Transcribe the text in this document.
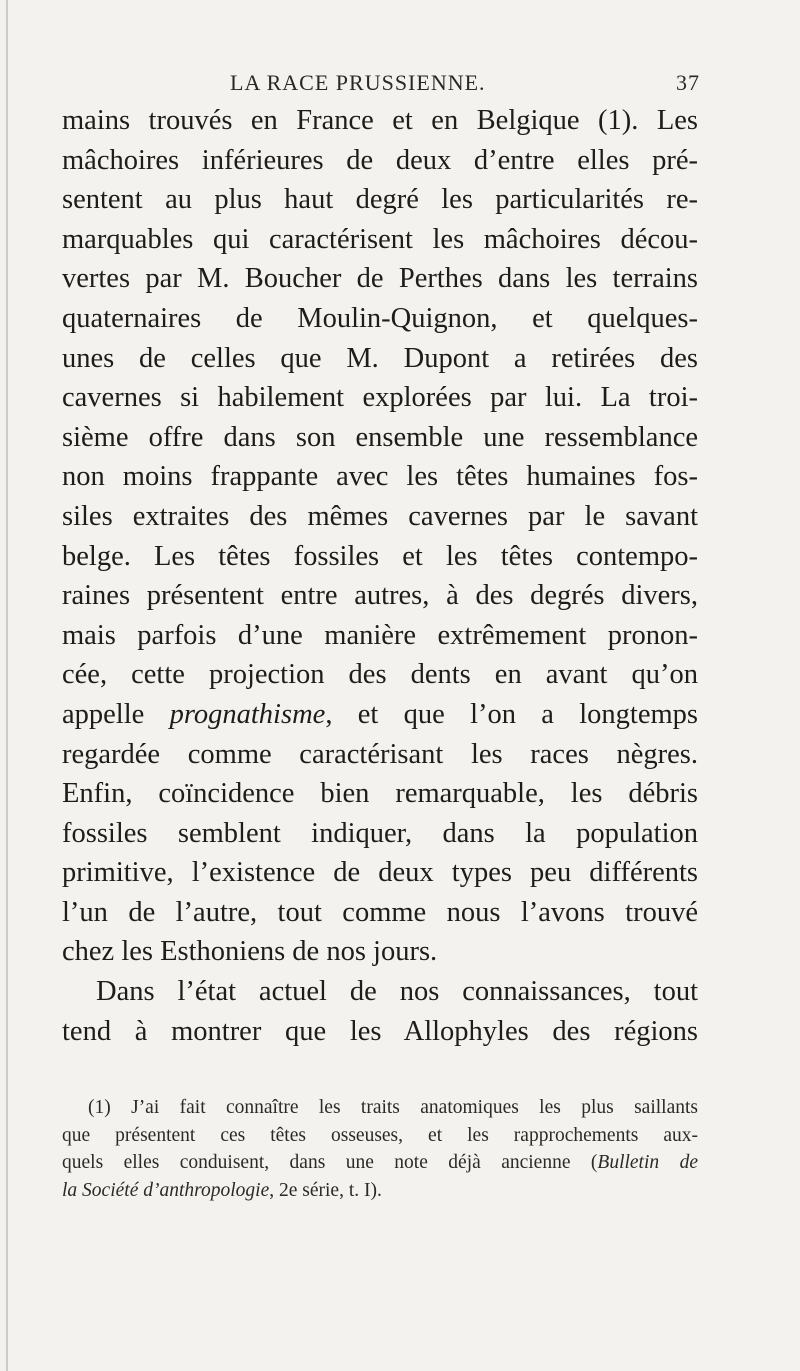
LA RACE PRUSSIENNE.	37
mains trouvés en France et en Belgique (1). Les
mâchoires inférieures de deux d’entre elles pré-
sentent au plus haut degré les particularités re-
marquables qui caractérisent les mâchoires décou-
vertes par M. Boucher de Perthes dans les terrains
quaternaires de Moulin-Quignon, et quelques-
unes de celles que M. Dupont a retirées des
cavernes si habilement explorées par lui. La troi-
sième offre dans son ensemble une ressemblance
non moins frappante avec les têtes humaines fos-
siles extraites des mêmes cavernes par le savant
belge. Les têtes fossiles et les têtes contempo-
raines présentent entre autres, à des degrés divers,
mais parfois d’une manière extrêmement pronon-
cée, cette projection des dents en avant qu’on
appelle prognathisme, et que l’on a longtemps
regardée comme caractérisant les races nègres.
Enfin, coïncidence bien remarquable, les débris
fossiles semblent indiquer, dans la population
primitive, l’existence de deux types peu différents
l’un de l’autre, tout comme nous l’avons trouvé
chez les Esthoniens de nos jours.
Dans l’état actuel de nos connaissances, tout
tend à montrer que les Allophyles des régions
(1) J’ai fait connaître les traits anatomiques les plus saillants
que présentent ces têtes osseuses, et les rapprochements aux-
quels elles conduisent, dans une note déjà ancienne (Bulletin de
la Société d’anthropologie, 2e série, t. I).
